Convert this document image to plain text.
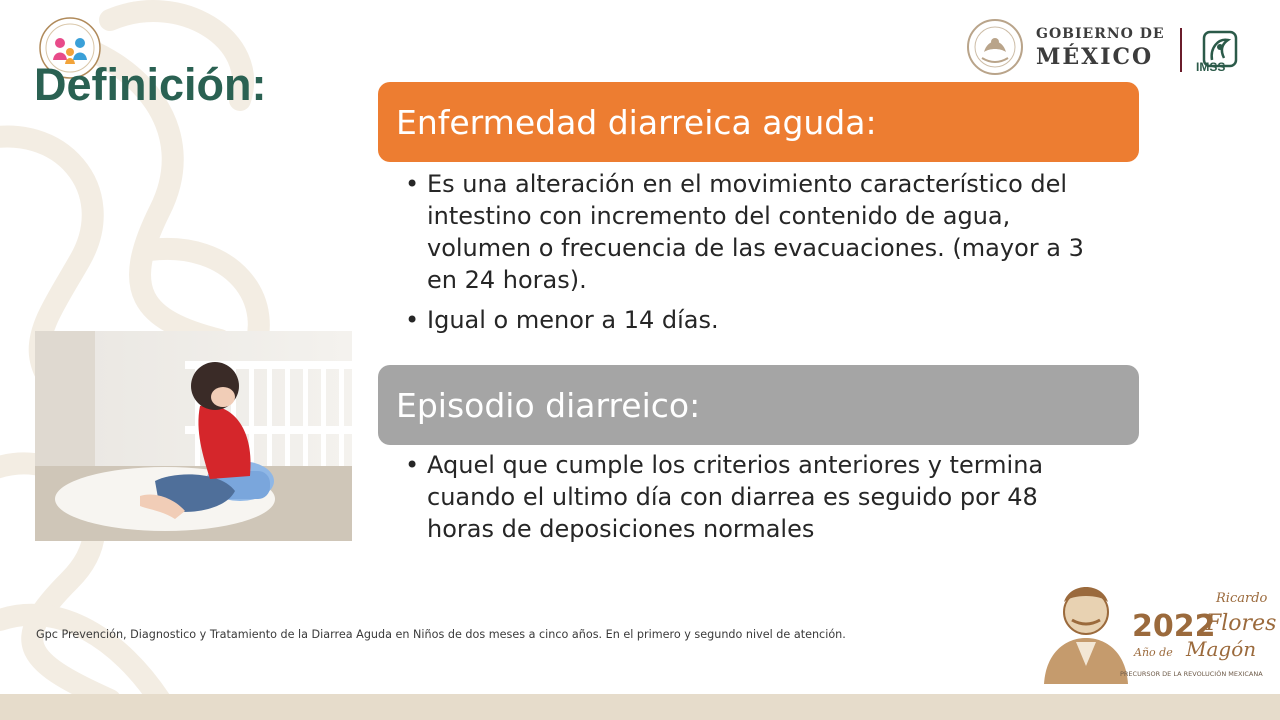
Definición:
GOBIERNO DE
MÉXICO	IMSS
Enfermedad diarreica aguda:
• Es una alteración en el movimiento característico del intestino con incremento del contenido de agua, volumen o frecuencia de las evacuaciones. (mayor a 3 en 24 horas).
• Igual o menor a 14 días.
Episodio diarreico:
• Aquel que cumple los criterios anteriores y termina cuando el ultimo día con diarrea es seguido por 48 horas de deposiciones normales

Gpc Prevención, Diagnostico y Tratamiento de la Diarrea Aguda en Niños de dos meses a cinco años. En el primero y segundo nivel de atención.	2022
Año de
Ricardo
Flores
Magón
PRECURSOR DE LA REVOLUCIÓN MEXICANA
